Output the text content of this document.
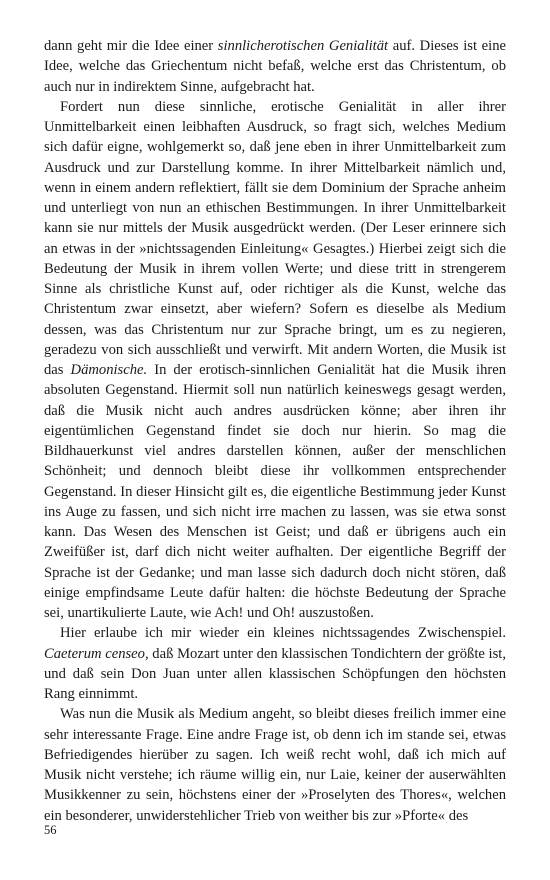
dann geht mir die Idee einer sinnlicherotischen Genialität auf. Dieses ist eine Idee, welche das Griechentum nicht befaß, welche erst das Christentum, ob auch nur in indirektem Sinne, aufgebracht hat.

Fordert nun diese sinnliche, erotische Genialität in aller ihrer Unmittelbarkeit einen leibhaften Ausdruck, so fragt sich, welches Medium sich dafür eigne, wohlgemerkt so, daß jene eben in ihrer Unmittelbarkeit zum Ausdruck und zur Darstellung komme. In ihrer Mittelbarkeit nämlich und, wenn in einem andern reflektiert, fällt sie dem Dominium der Sprache anheim und unterliegt von nun an ethischen Bestimmungen. In ihrer Unmittelbarkeit kann sie nur mittels der Musik ausgedrückt werden. (Der Leser erinnere sich an etwas in der »nichtssagenden Einleitung« Gesagtes.) Hierbei zeigt sich die Bedeutung der Musik in ihrem vollen Werte; und diese tritt in strengerem Sinne als christliche Kunst auf, oder richtiger als die Kunst, welche das Christentum zwar einsetzt, aber wiefern? Sofern es dieselbe als Medium dessen, was das Christentum nur zur Sprache bringt, um es zu negieren, geradezu von sich ausschließt und verwirft. Mit andern Worten, die Musik ist das Dämonische. In der erotisch-sinnlichen Genialität hat die Musik ihren absoluten Gegenstand. Hiermit soll nun natürlich keineswegs gesagt werden, daß die Musik nicht auch andres ausdrücken könne; aber ihren ihr eigentümlichen Gegenstand findet sie doch nur hierin. So mag die Bildhauerkunst viel andres darstellen können, außer der menschlichen Schönheit; und dennoch bleibt diese ihr vollkommen entsprechender Gegenstand. In dieser Hinsicht gilt es, die eigentliche Bestimmung jeder Kunst ins Auge zu fassen, und sich nicht irre machen zu lassen, was sie etwa sonst kann. Das Wesen des Menschen ist Geist; und daß er übrigens auch ein Zweifüßer ist, darf dich nicht weiter aufhalten. Der eigentliche Begriff der Sprache ist der Gedanke; und man lasse sich dadurch doch nicht stören, daß einige empfindsame Leute dafür halten: die höchste Bedeutung der Sprache sei, unartikulierte Laute, wie Ach! und Oh! auszustoßen.

Hier erlaube ich mir wieder ein kleines nichtssagendes Zwischenspiel. Caeterum censeo, daß Mozart unter den klassischen Tondichtern der größte ist, und daß sein Don Juan unter allen klassischen Schöpfungen den höchsten Rang einnimmt.

Was nun die Musik als Medium angeht, so bleibt dieses freilich immer eine sehr interessante Frage. Eine andre Frage ist, ob denn ich im stande sei, etwas Befriedigendes hierüber zu sagen. Ich weiß recht wohl, daß ich mich auf Musik nicht verstehe; ich räume willig ein, nur Laie, keiner der auserwählten Musikkenner zu sein, höchstens einer der »Proselyten des Thores«, welchen ein besonderer, unwiderstehlicher Trieb von weither bis zur »Pforte« des

56
